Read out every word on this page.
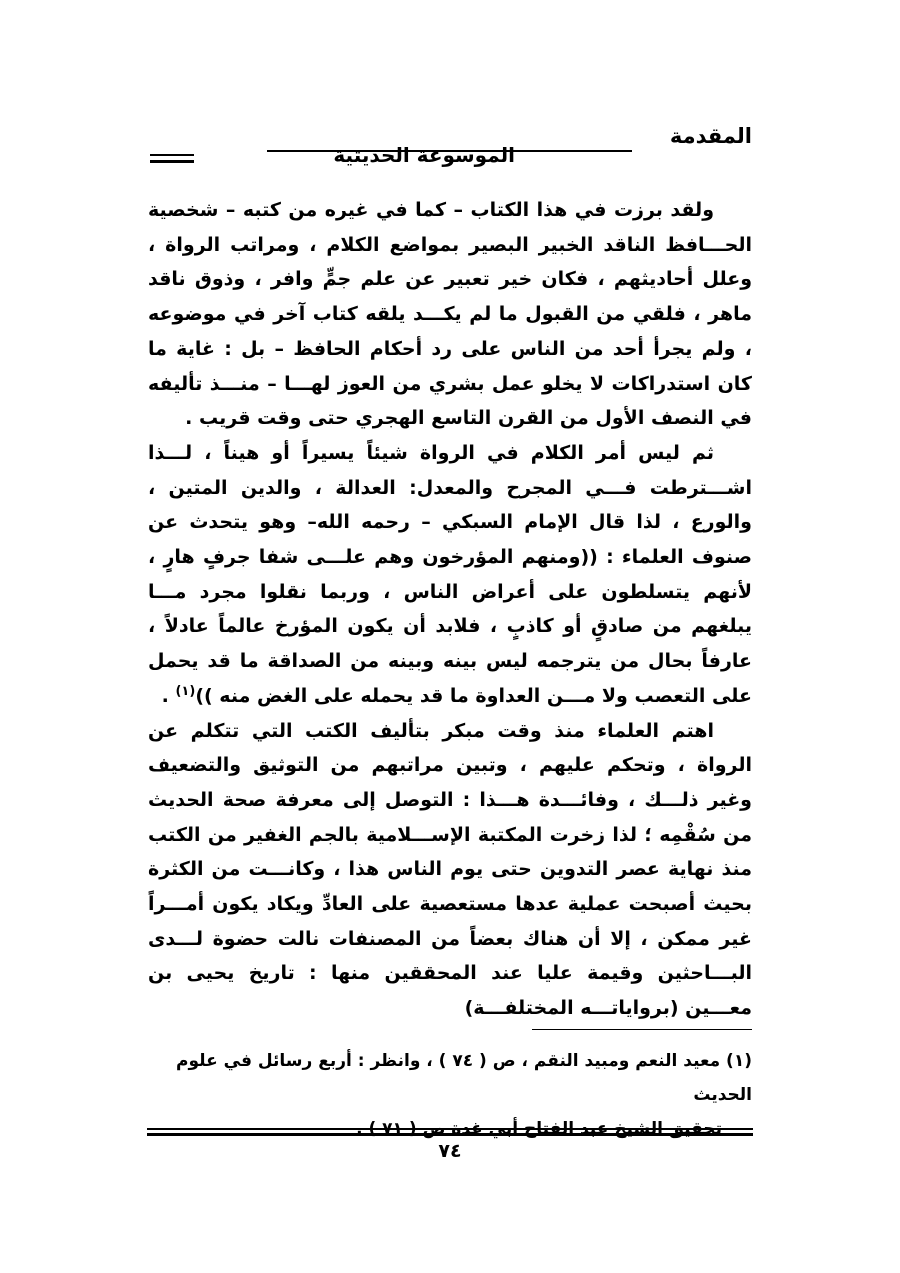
المقدمة
الموسوعة الحديثية

ولقد برزت في هذا الكتاب – كما في غيره من كتبه – شخصية الحـــافظ الناقد الخبير البصير بمواضع الكلام ، ومراتب الرواة ، وعلل أحاديثهم ، فكان خير تعبير عن علم جمٍّ وافر ، وذوق ناقد ماهر ، فلقي من القبول ما لم يكـــد يلقه كتاب آخر في موضوعه ، ولم يجرأ أحد من الناس على رد أحكام الحافظ – بل : غاية ما كان استدراكات لا يخلو عمل بشري من العوز لهـــا – منـــذ تأليفه في النصف الأول من القرن التاسع الهجري حتى وقت قريب .

ثم ليس أمر الكلام في الرواة شيئاً يسيراً أو هيناً ، لـــذا اشـــترطت فـــي المجرح والمعدل: العدالة ، والدين المتين ، والورع ، لذا قال الإمام السبكي – رحمه الله– وهو يتحدث عن صنوف العلماء : ((ومنهم المؤرخون وهم علـــى شفا جرفٍ هارٍ ، لأنهم يتسلطون على أعراض الناس ، وربما نقلوا مجرد مـــا يبلغهم من صادقٍ أو كاذبٍ ، فلابد أن يكون المؤرخ عالماً عادلاً ، عارفاً بحال من يترجمه ليس بينه وبينه من الصداقة ما قد يحمل على التعصب ولا مـــن العداوة ما قد يحمله على الغض منه ))$^{(١)}$ .

اهتم العلماء منذ وقت مبكر بتأليف الكتب التي تتكلم عن الرواة ، وتحكم عليهم ، وتبين مراتبهم من التوثيق والتضعيف وغير ذلـــك ، وفائـــدة هـــذا : التوصل إلى معرفة صحة الحديث من سُقْمِه ؛ لذا زخرت المكتبة الإســـلامية بالجم الغفير من الكتب منذ نهاية عصر التدوين حتى يوم الناس هذا ، وكانـــت من الكثرة بحيث أصبحت عملية عدها مستعصية على العادِّ ويكاد يكون أمـــراً غير ممكن ، إلا أن هناك بعضاً من المصنفات نالت حضوة لـــدى البـــاحثين وقيمة عليا عند المحققين منها : تاريخ يحيى بن معـــين (برواياتـــه المختلفـــة)

(١) معيد النعم ومبيد النقم ، ص ( ٧٤ ) ، وانظر : أربع رسائل في علوم الحديث
تحقيق الشيخ عبد الفتاح أبي غدة ص ( ٧١ ) .
٧٤
